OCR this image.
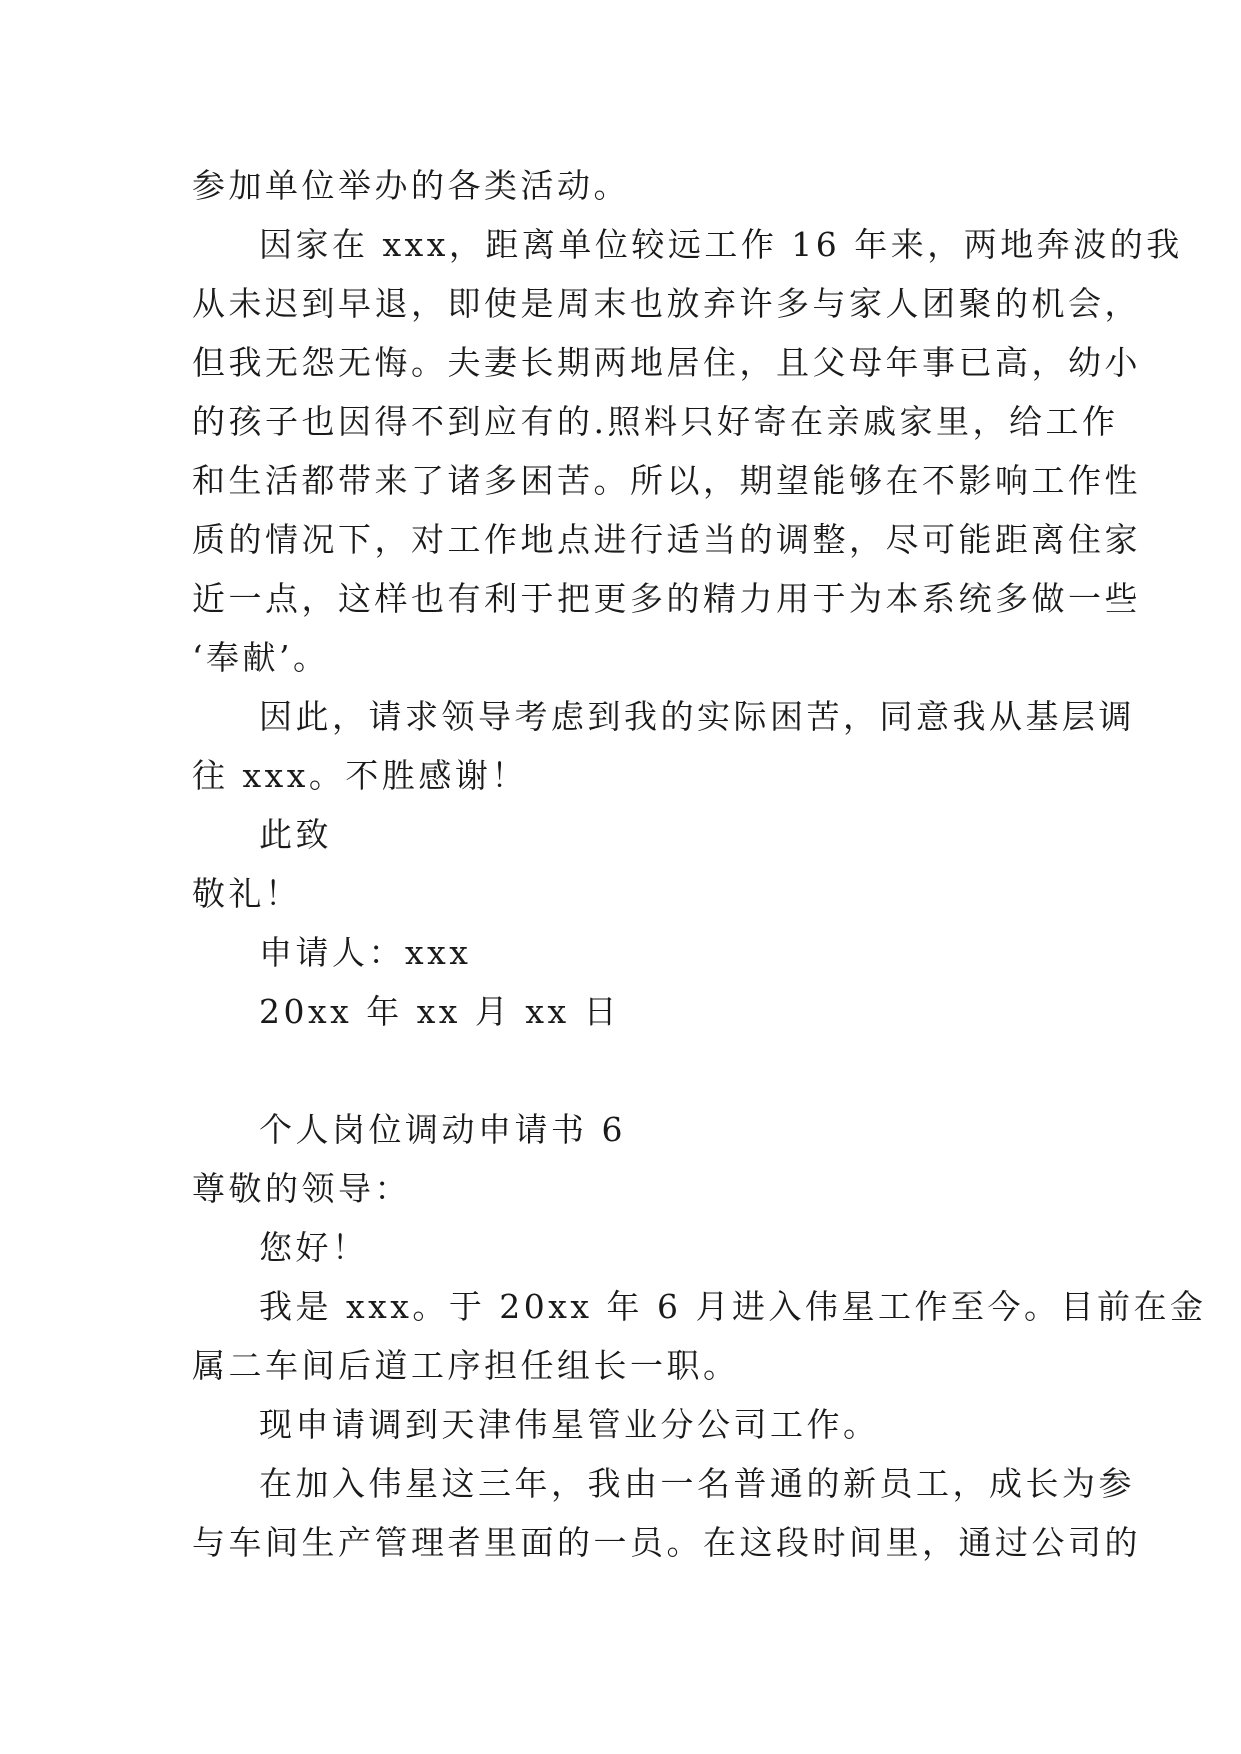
参加单位举办的各类活动。
因家在 xxx，距离单位较远工作 16 年来，两地奔波的我
从未迟到早退，即使是周末也放弃许多与家人团聚的机会，
但我无怨无悔。夫妻长期两地居住，且父母年事已高，幼小
的孩子也因得不到应有的.照料只好寄在亲戚家里，给工作
和生活都带来了诸多困苦。所以，期望能够在不影响工作性
质的情况下，对工作地点进行适当的调整，尽可能距离住家
近一点，这样也有利于把更多的精力用于为本系统多做一些
‘奉献’。
因此，请求领导考虑到我的实际困苦，同意我从基层调
往 xxx。不胜感谢！
此致
敬礼！
申请人：xxx
20xx 年 xx 月 xx 日
个人岗位调动申请书 6
尊敬的领导：
您好！
我是 xxx。于 20xx 年 6 月进入伟星工作至今。目前在金
属二车间后道工序担任组长一职。
现申请调到天津伟星管业分公司工作。
在加入伟星这三年，我由一名普通的新员工，成长为参
与车间生产管理者里面的一员。在这段时间里，通过公司的
